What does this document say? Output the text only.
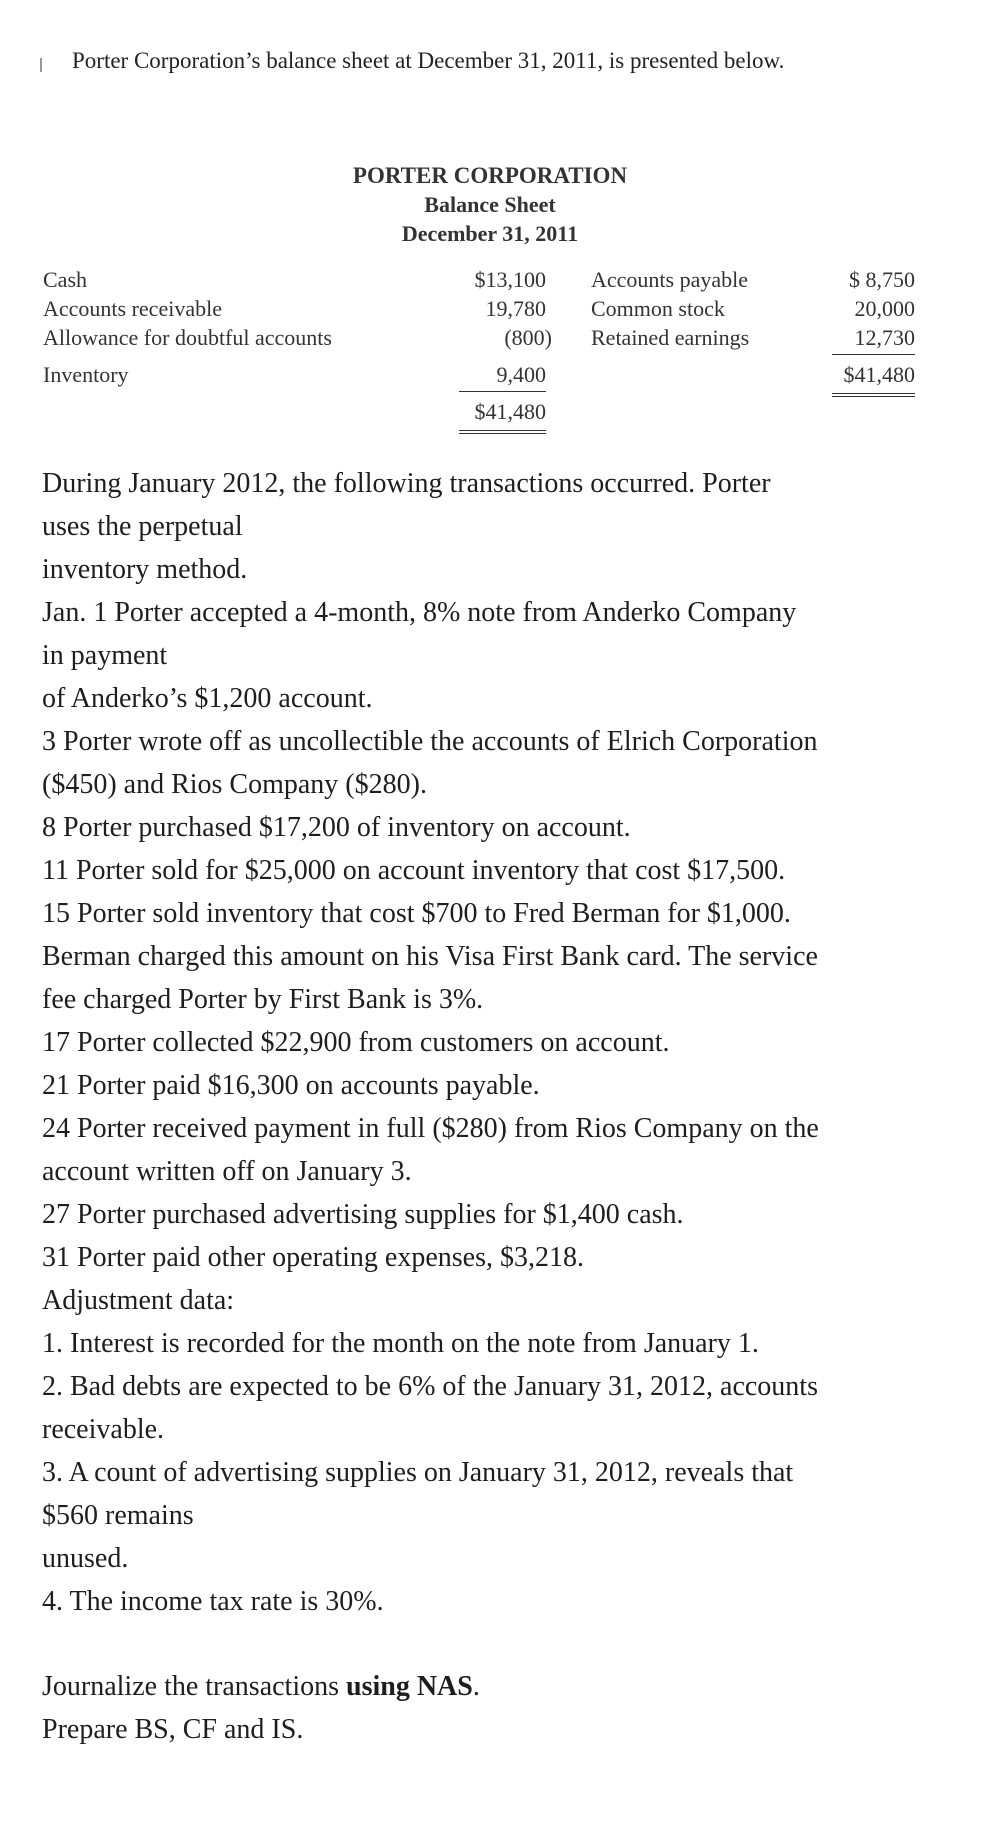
Porter Corporation’s balance sheet at December 31, 2011, is presented below.
PORTER CORPORATION
Balance Sheet
December 31, 2011
Cash
Accounts receivable
Allowance for doubtful accounts
Inventory
$13,100
19,780
(800)
9,400
$41,480
Accounts payable
Common stock
Retained earnings
$ 8,750
20,000
12,730
$41,480

During January 2012, the following transactions occurred. Porter

uses the perpetual

inventory method.

Jan. 1 Porter accepted a 4-month, 8% note from Anderko Company

in payment

of Anderko’s $1,200 account.

3 Porter wrote off as uncollectible the accounts of Elrich Corporation

($450) and Rios Company ($280).

8 Porter purchased $17,200 of inventory on account.

11 Porter sold for $25,000 on account inventory that cost $17,500.

15 Porter sold inventory that cost $700 to Fred Berman for $1,000.

Berman charged this amount on his Visa First Bank card. The service

fee charged Porter by First Bank is 3%.

17 Porter collected $22,900 from customers on account.

21 Porter paid $16,300 on accounts payable.

24 Porter received payment in full ($280) from Rios Company on the

account written off on January 3.

27 Porter purchased advertising supplies for $1,400 cash.

31 Porter paid other operating expenses, $3,218.

Adjustment data:

1. Interest is recorded for the month on the note from January 1.

2. Bad debts are expected to be 6% of the January 31, 2012, accounts

receivable.

3. A count of advertising supplies on January 31, 2012, reveals that

$560 remains

unused.

4. The income tax rate is 30%.

Journalize the transactions using NAS.

Prepare BS, CF and IS.
